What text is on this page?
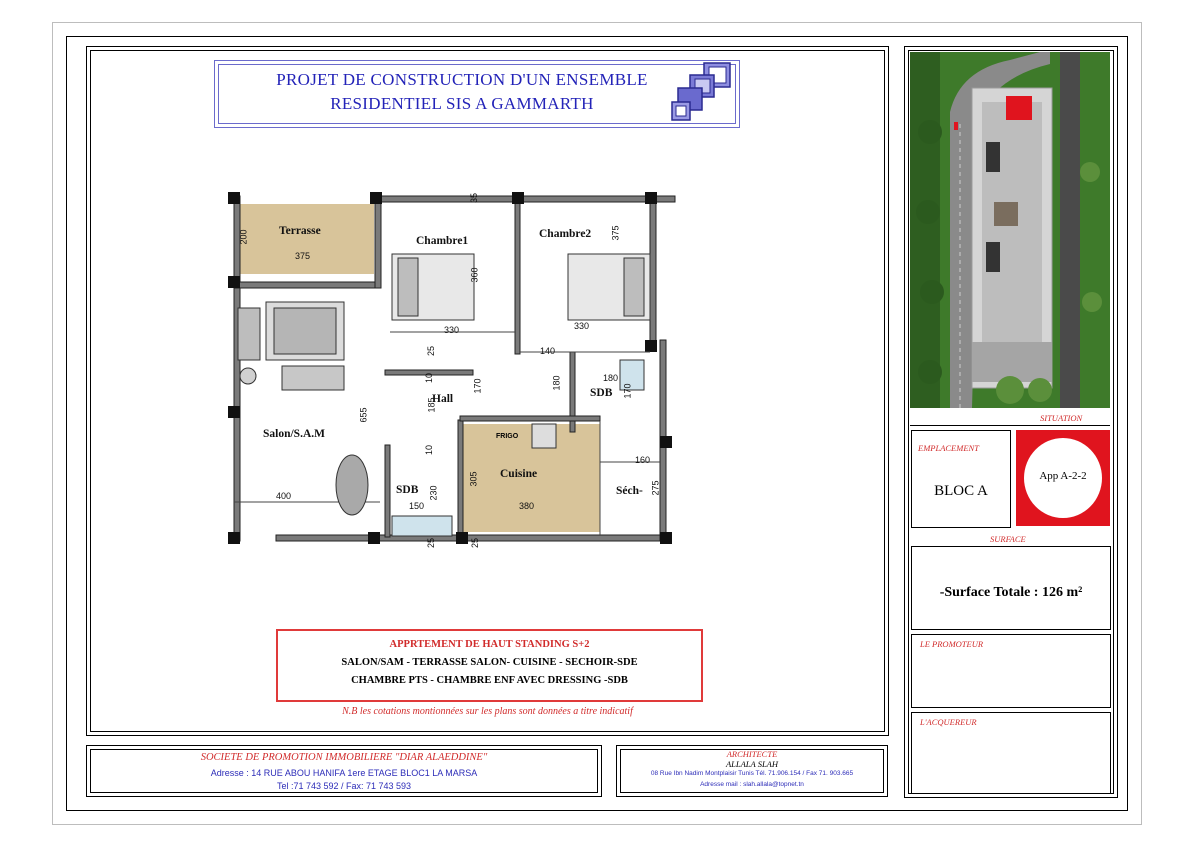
PROJET DE CONSTRUCTION D'UN ENSEMBLE
RESIDENTIEL SIS A GAMMARTH
Terrasse
Chambre1
Chambre2
Hall
Salon/S.A.M
Cuisine
SDB
SDB
Séch-
FRIGO
200
375
35
360
375
330	330
140
180
180
170	170
10
10
185
655
160
275
305
400
150	380
230
25	25
25
APPRTEMENT DE HAUT STANDING S+2
SALON/SAM - TERRASSE SALON- CUISINE - SECHOIR-SDE
CHAMBRE PTS - CHAMBRE ENF AVEC DRESSING -SDB
N.B les cotations montionnées sur les plans sont données a titre indicatif
SOCIETE DE PROMOTION IMMOBILIERE "DIAR ALAEDDINE"
Adresse : 14 RUE ABOU HANIFA 1ere ETAGE BLOC1 LA MARSA
Tel :71 743 592 / Fax: 71 743 593
ARCHITECTE
ALLALA SLAH
08 Rue Ibn Nadim Montplaisir Tunis Tél. 71.906.154 / Fax 71. 903.665
Adresse mail : slah.allala@topnet.tn
SITUATION
EMPLACEMENT
BLOC A
App A-2-2
SURFACE
-Surface Totale : 126 m²
LE PROMOTEUR
L'ACQUEREUR
